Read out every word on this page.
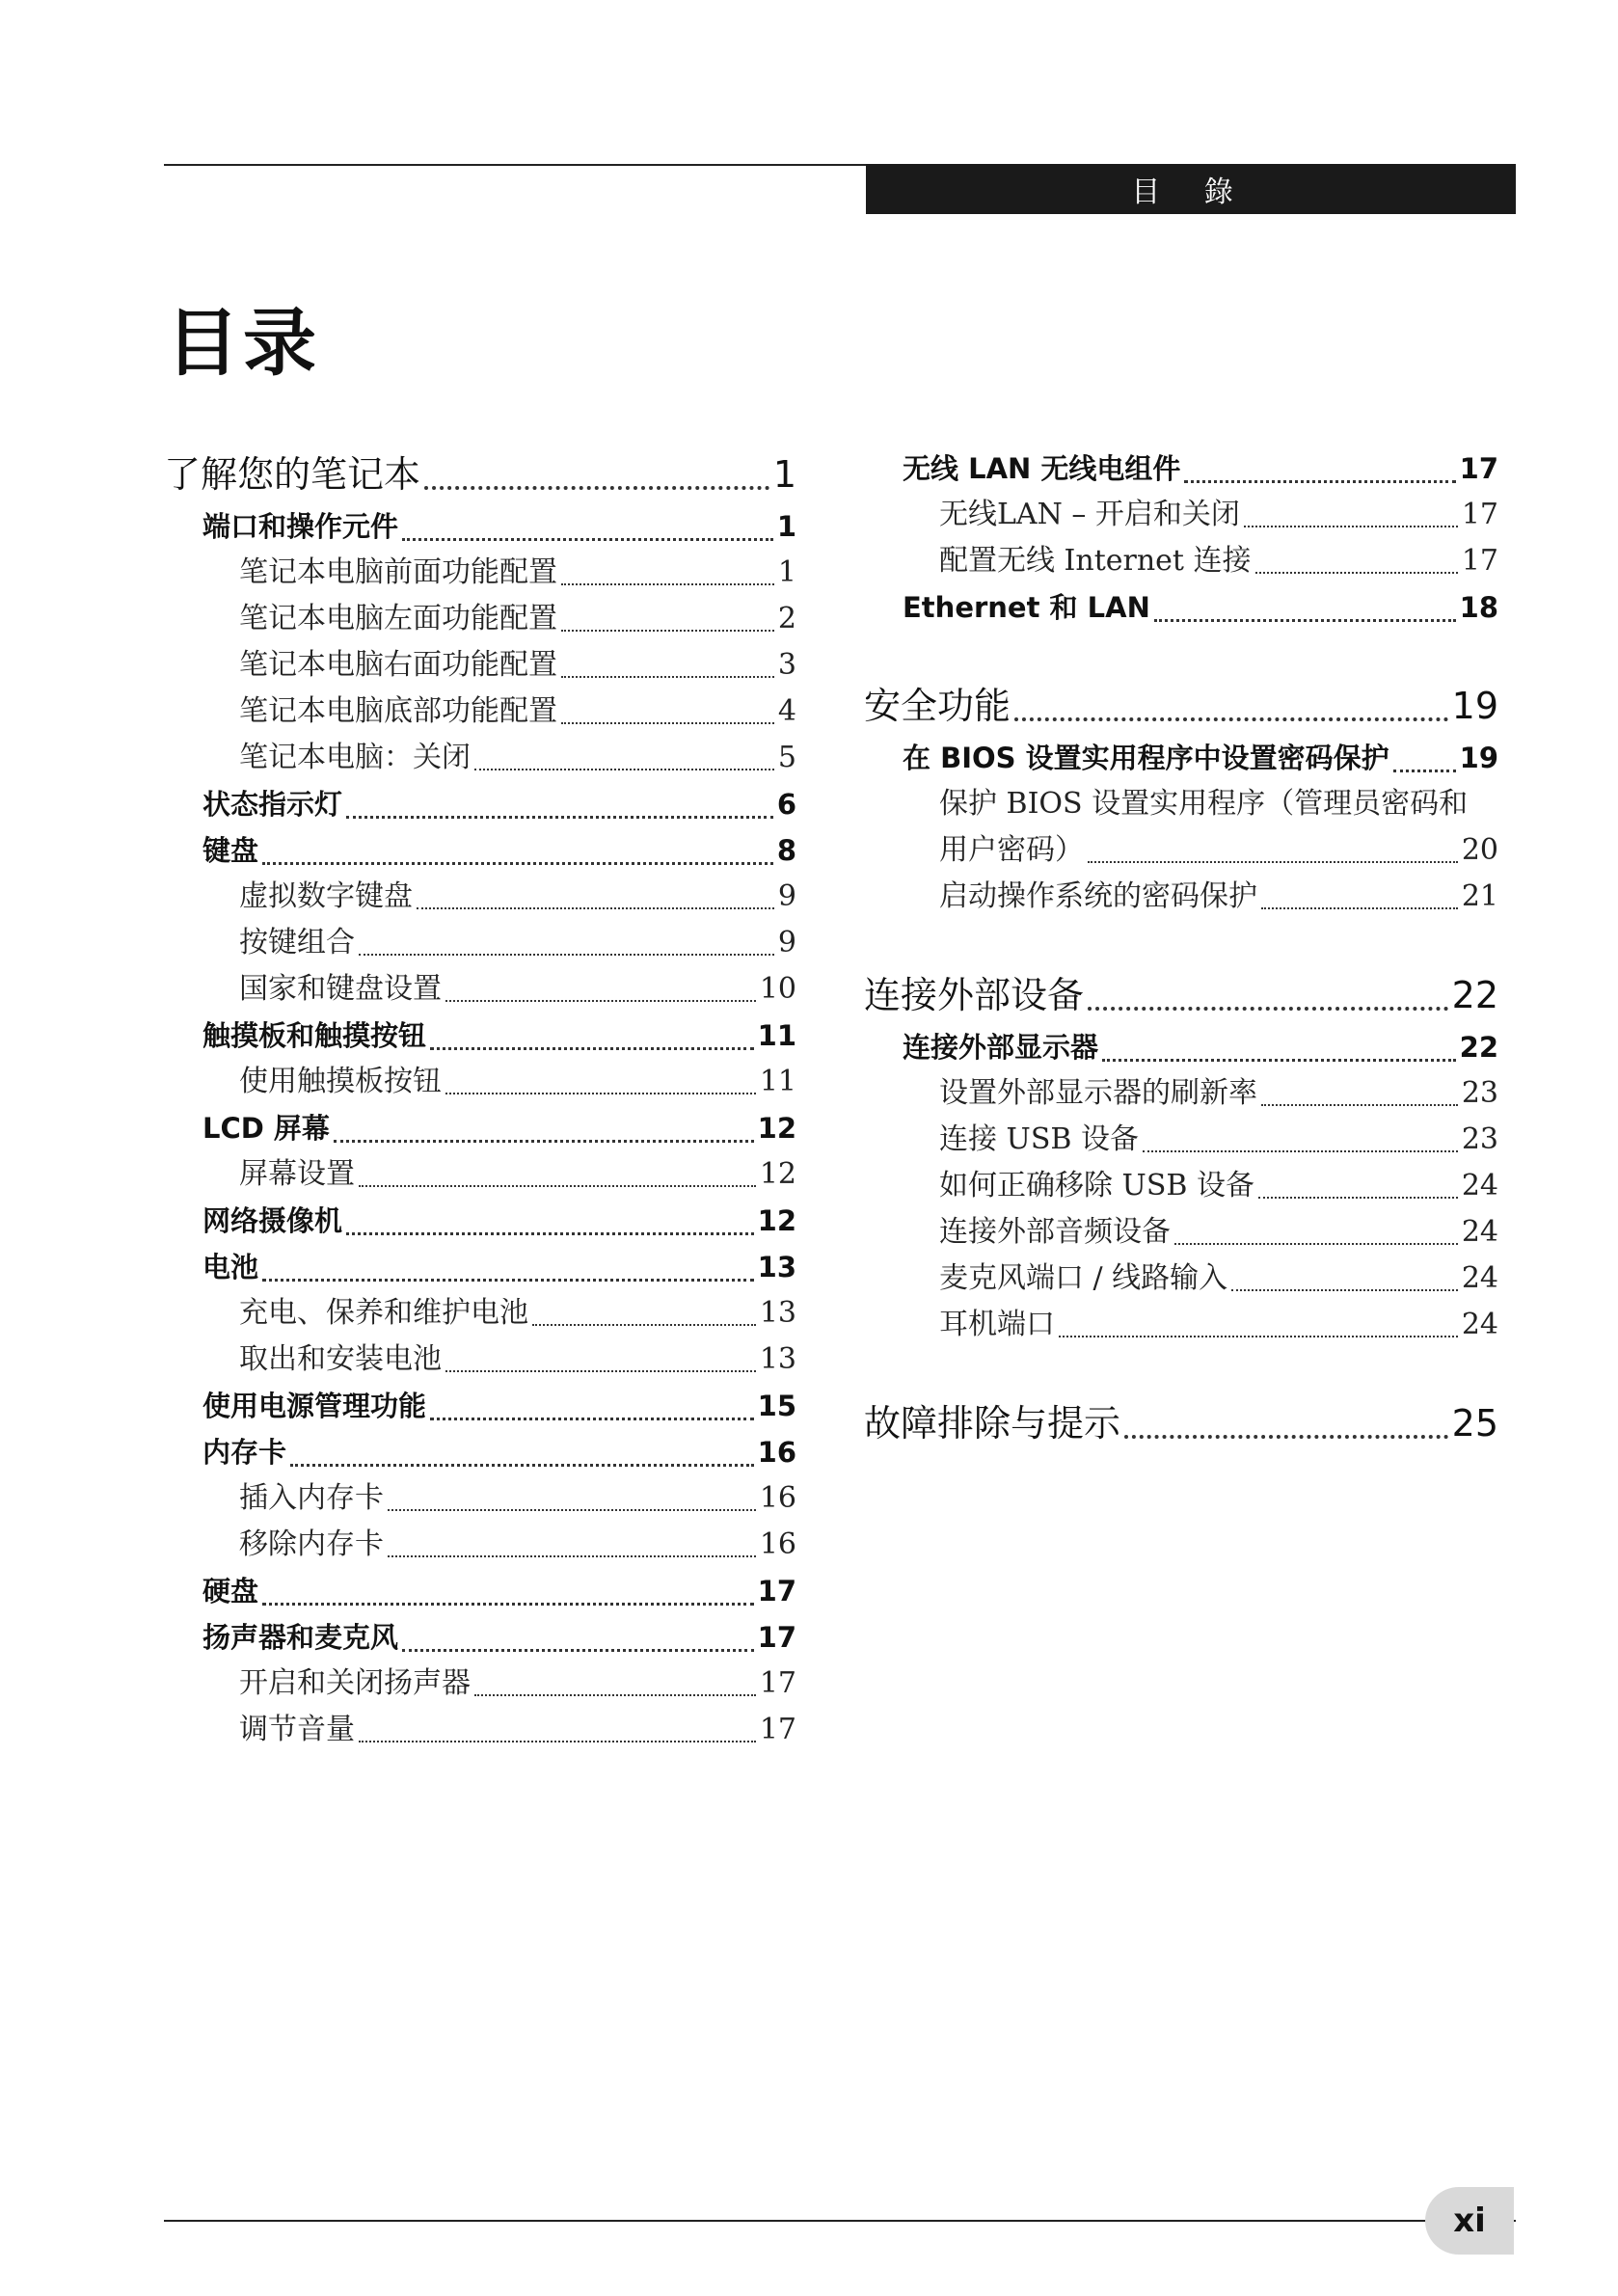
目 錄
目录
了解您的笔记本	1
端口和操作元件	1
笔记本电脑前面功能配置	1
笔记本电脑左面功能配置	2
笔记本电脑右面功能配置	3
笔记本电脑底部功能配置	4
笔记本电脑：关闭	5
状态指示灯	6
键盘	8
虚拟数字键盘	9
按键组合	9
国家和键盘设置	10
触摸板和触摸按钮	11
使用触摸板按钮	11
LCD 屏幕	12
屏幕设置	12
网络摄像机	12
电池	13
充电、保养和维护电池	13
取出和安装电池	13
使用电源管理功能	15
内存卡	16
插入内存卡	16
移除内存卡	16
硬盘	17
扬声器和麦克风	17
开启和关闭扬声器	17
调节音量	17
无线 LAN 无线电组件	17
无线LAN – 开启和关闭	17
配置无线 Internet 连接	17
Ethernet 和 LAN	18
安全功能	19
在 BIOS 设置实用程序中设置密码保护	19
保护 BIOS 设置实用程序（管理员密码和
用户密码）	20
启动操作系统的密码保护	21
连接外部设备	22
连接外部显示器	22
设置外部显示器的刷新率	23
连接 USB 设备	23
如何正确移除 USB 设备	24
连接外部音频设备	24
麦克风端口 / 线路输入	24
耳机端口	24
故障排除与提示	25
xi
